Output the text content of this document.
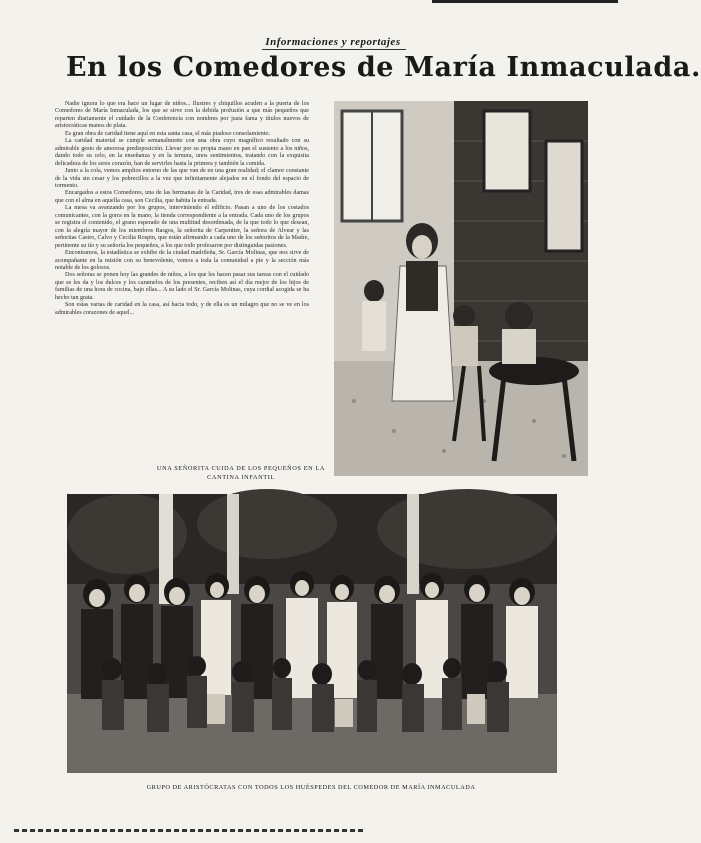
Informaciones y reportajes
En los Comedores de María Inmaculada.

Nadie ignora lo que era hace un lugar de niños... Ilustres y chiquillos acuden a la puerta de los Comedores de María Inmaculada, los que se sirve con la debida profusión a que más pequeños que reparten diariamente el cuidado de la Conferencia con nombres por justa fama y títulos nuevos de aristocráticas manos de plata.

Es gran obra de caridad tiene aquí en esta santa casa, el más piadoso consolamiento.

La caridad material se cumple semanalmente con una obra cuyo magnífico resultado con su admirable gesto de amorosa predisposición. Llevar por su propia mano en pan el sustento a los niños, dando todo su celo, en la enseñanza y en la ternura, unos sentimientos, tratando con la exquisita delicadeza de los seres corazón, han de servirles hasta la primera y también la comida.

Junto a la cola, vemos amplios entorno de las que van de en una gran realidad; el clamor constante de la vida sin cesar y los pobrecillos a la vez que infinitamente alejados en el fondo del espacio de tormento.

Encargados a estos Comedores, una de las hermanas de la Caridad, tres de esas admirables damas que con el alma en aquella casa, son Cecilia, que habita la entrada.

La mesa va avanzando por los grupos, interviniendo el edificio. Pasan a uno de los costados comunicantes, con la gorra en la mano, la tienda correspondiente a la entrada. Cada uno de los grupos se registra el contenido, el grano esperado de una multitud desordenada, de la que todo lo que desean, con la alegría mayor de los miembros Rasgos, la señorita de Carpentier, la señora de Alvear y las señoritas Castro, Calvo y Cecilia Rospin, que están afirmando a cada uno de los señoritos de la Madre, pertinente su tío y su señoría los pequeños, a los que todo profesaron por distinguidas pasiones.

Encontramos, la estadística se exhibe de la ciudad madrileña, Sr. García Molinas, que nos sirve de acompañante en la misión con su benevolente, vemos a toda la comunidad a pie y la sección más notable de los golosos.

Dos señoras se ponen hoy las grandes de niños, a los que les hacen pasar sus tareas con el cuidado que se les da y los dulces y los caramelos de los presentes, reciben así el día mejor de los hijos de familias de una hora de cocina, bajo ellas... A su lado el Sr. García Molinas, cuya cordial acogida se ha hecho tan grata.

Son estas varias de caridad en la casa, así hacia todo, y de ella es un milagro que no se ve en los admirables corazones de aquel...

UNA SEÑORITA CUIDA DE LOS PEQUEÑOS EN LA CANTINA INFANTIL
GRUPO DE ARISTÓCRATAS CON TODOS LOS HUÉSPEDES DEL COMEDOR DE MARÍA INMACULADA
